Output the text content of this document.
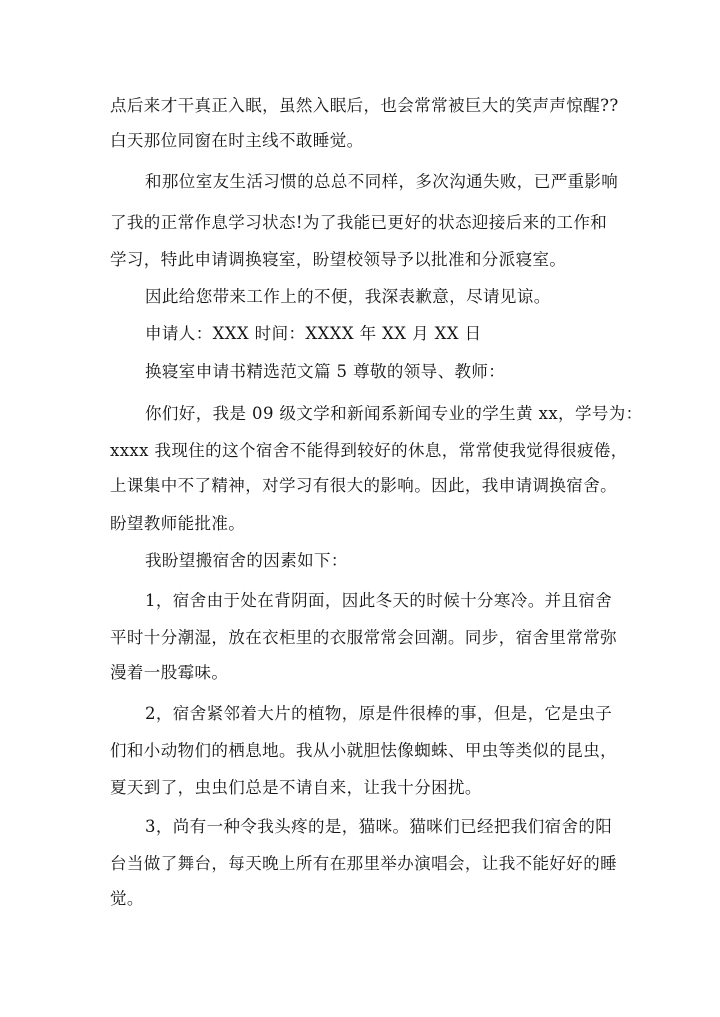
点后来才干真正入眠，虽然入眠后，也会常常被巨大的笑声声惊醒??
白天那位同窗在时主线不敢睡觉。
和那位室友生活习惯的总总不同样，多次沟通失败，已严重影响
了我的正常作息学习状态!为了我能已更好的状态迎接后来的工作和
学习，特此申请调换寝室，盼望校领导予以批准和分派寝室。
因此给您带来工作上的不便，我深表歉意，尽请见谅。
申请人：XXX 时间：XXXX 年 XX 月 XX 日
换寝室申请书精选范文篇 5 尊敬的领导、教师：
你们好，我是 09 级文学和新闻系新闻专业的学生黄 xx，学号为：
xxxx 我现住的这个宿舍不能得到较好的休息，常常使我觉得很疲倦，
上课集中不了精神，对学习有很大的影响。因此，我申请调换宿舍。
盼望教师能批准。
我盼望搬宿舍的因素如下：
1，宿舍由于处在背阴面，因此冬天的时候十分寒冷。并且宿舍
平时十分潮湿，放在衣柜里的衣服常常会回潮。同步，宿舍里常常弥
漫着一股霉味。
2，宿舍紧邻着大片的植物，原是件很棒的事，但是，它是虫子
们和小动物们的栖息地。我从小就胆怯像蜘蛛、甲虫等类似的昆虫，
夏天到了，虫虫们总是不请自来，让我十分困扰。
3，尚有一种令我头疼的是，猫咪。猫咪们已经把我们宿舍的阳
台当做了舞台，每天晚上所有在那里举办演唱会，让我不能好好的睡
觉。
